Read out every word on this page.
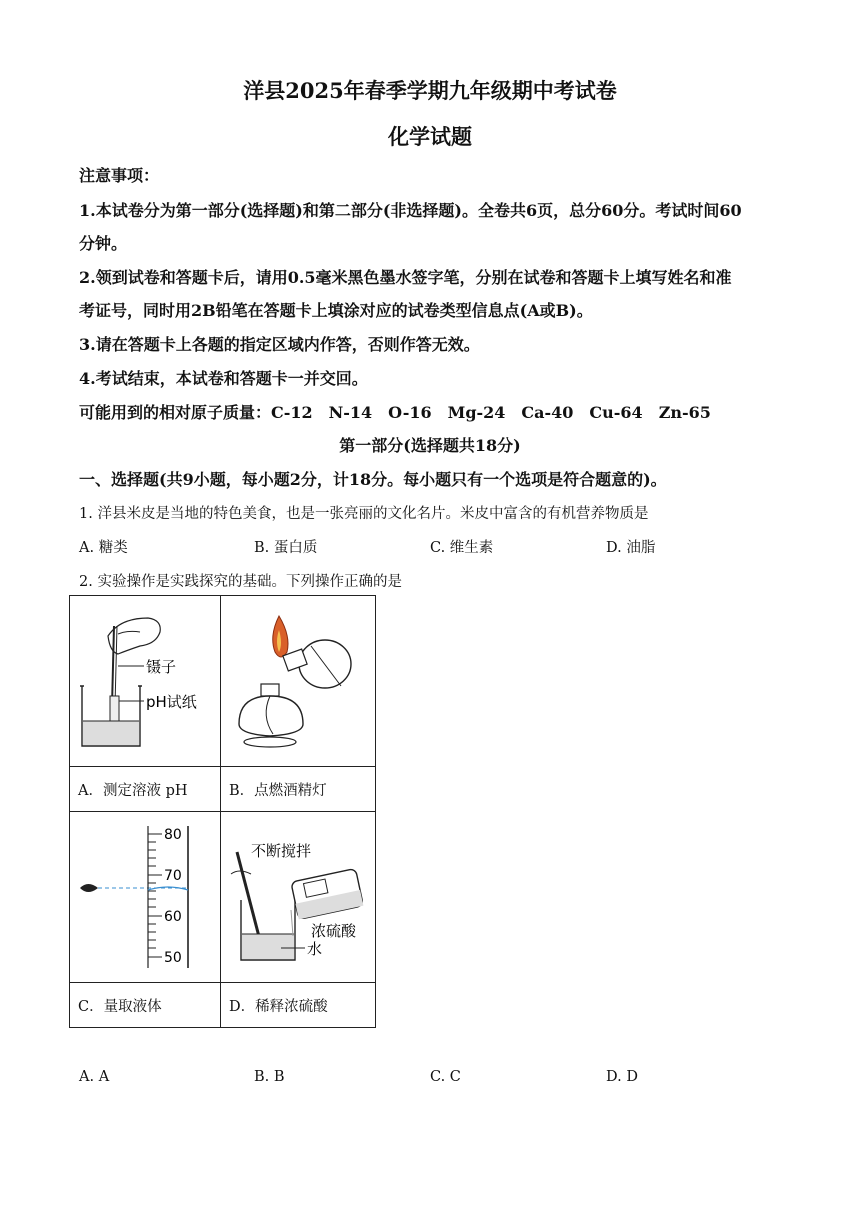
洋县2025年春季学期九年级期中考试卷
化学试题
注意事项：
1.本试卷分为第一部分(选择题)和第二部分(非选择题)。全卷共6页，总分60分。考试时间60
分钟。
2.领到试卷和答题卡后，请用0.5毫米黑色墨水签字笔，分别在试卷和答题卡上填写姓名和准
考证号，同时用2B铅笔在答题卡上填涂对应的试卷类型信息点(A或B)。
3.请在答题卡上各题的指定区域内作答，否则作答无效。
4.考试结束，本试卷和答题卡一并交回。
可能用到的相对原子质量：C-12　N-14　O-16　Mg-24　Ca-40　Cu-64　Zn-65
第一部分(选择题共18分)
一、选择题(共9小题，每小题2分，计18分。每小题只有一个选项是符合题意的)。
1. 洋县米皮是当地的特色美食，也是一张亮丽的文化名片。米皮中富含的有机营养物质是
A. 糖类	B. 蛋白质	C. 维生素	D. 油脂
2. 实验操作是实践探究的基础。下列操作正确的是
镊子
pH试纸

A．测定溶液 pH	B．点燃酒精灯

80
70
60
50	不断搅拌
浓硫酸
水

C．量取液体	D．稀释浓硫酸
A. A	B. B	C. C	D. D
